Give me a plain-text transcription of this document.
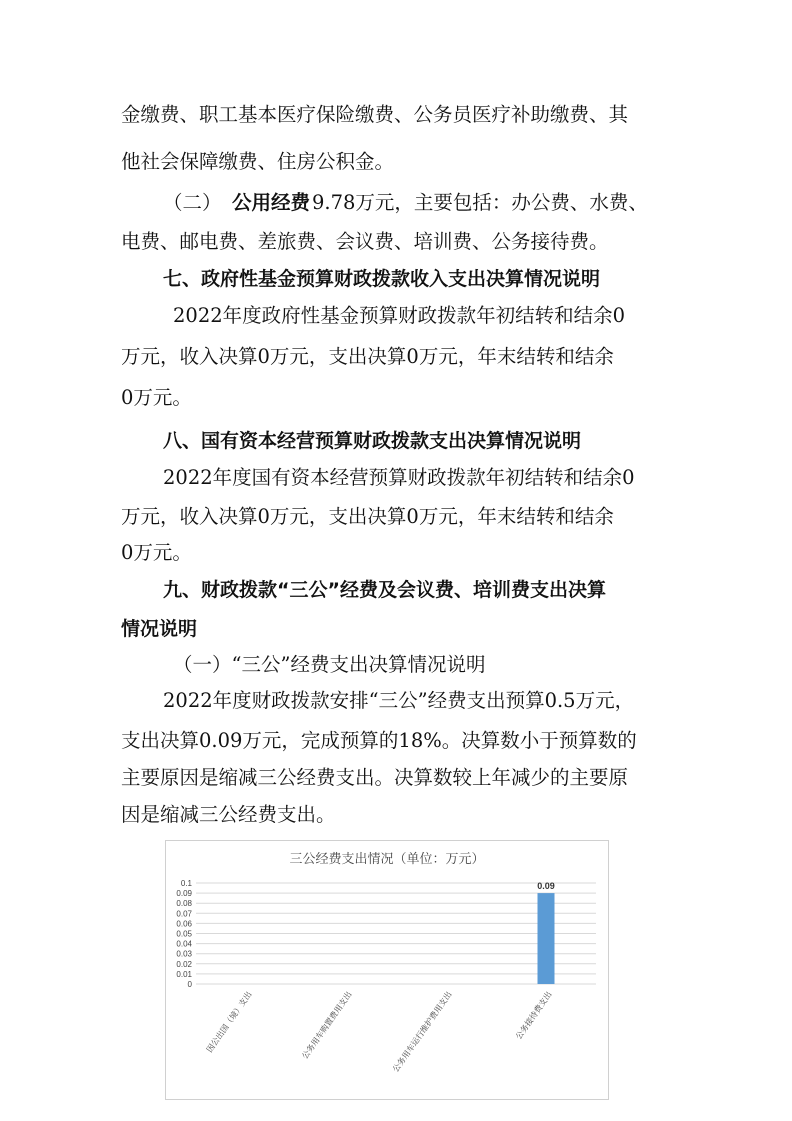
金缴费、职工基本医疗保险缴费、公务员医疗补助缴费、其
他社会保障缴费、住房公积金。
（二） 公用经费 9.78万元，主要包括：办公费、水费、
电费、邮电费、差旅费、会议费、培训费、公务接待费。
七、政府性基金预算财政拨款收入支出决算情况说明
2022年度政府性基金预算财政拨款年初结转和结余0
万元，收入决算0万元，支出决算0万元，年末结转和结余
0万元。
八、国有资本经营预算财政拨款支出决算情况说明
2022年度国有资本经营预算财政拨款年初结转和结余0
万元，收入决算0万元，支出决算0万元，年末结转和结余
0万元。
九、财政拨款“三公”经费及会议费、培训费支出决算
情况说明
（一）“三公”经费支出决算情况说明
2022年度财政拨款安排“三公”经费支出预算0.5万元，
支出决算0.09万元，完成预算的18%。决算数小于预算数的
主要原因是缩减三公经费支出。决算数较上年减少的主要原
因是缩减三公经费支出。
三公经费支出情况（单位：万元）
0
0.01
0.02
0.03
0.04
0.05
0.06
0.07
0.08
0.09
0.1	0.09
因公出国（境）支出	公务用车购置费用支出	公务用车运行维护费用支出	公务接待费支出
